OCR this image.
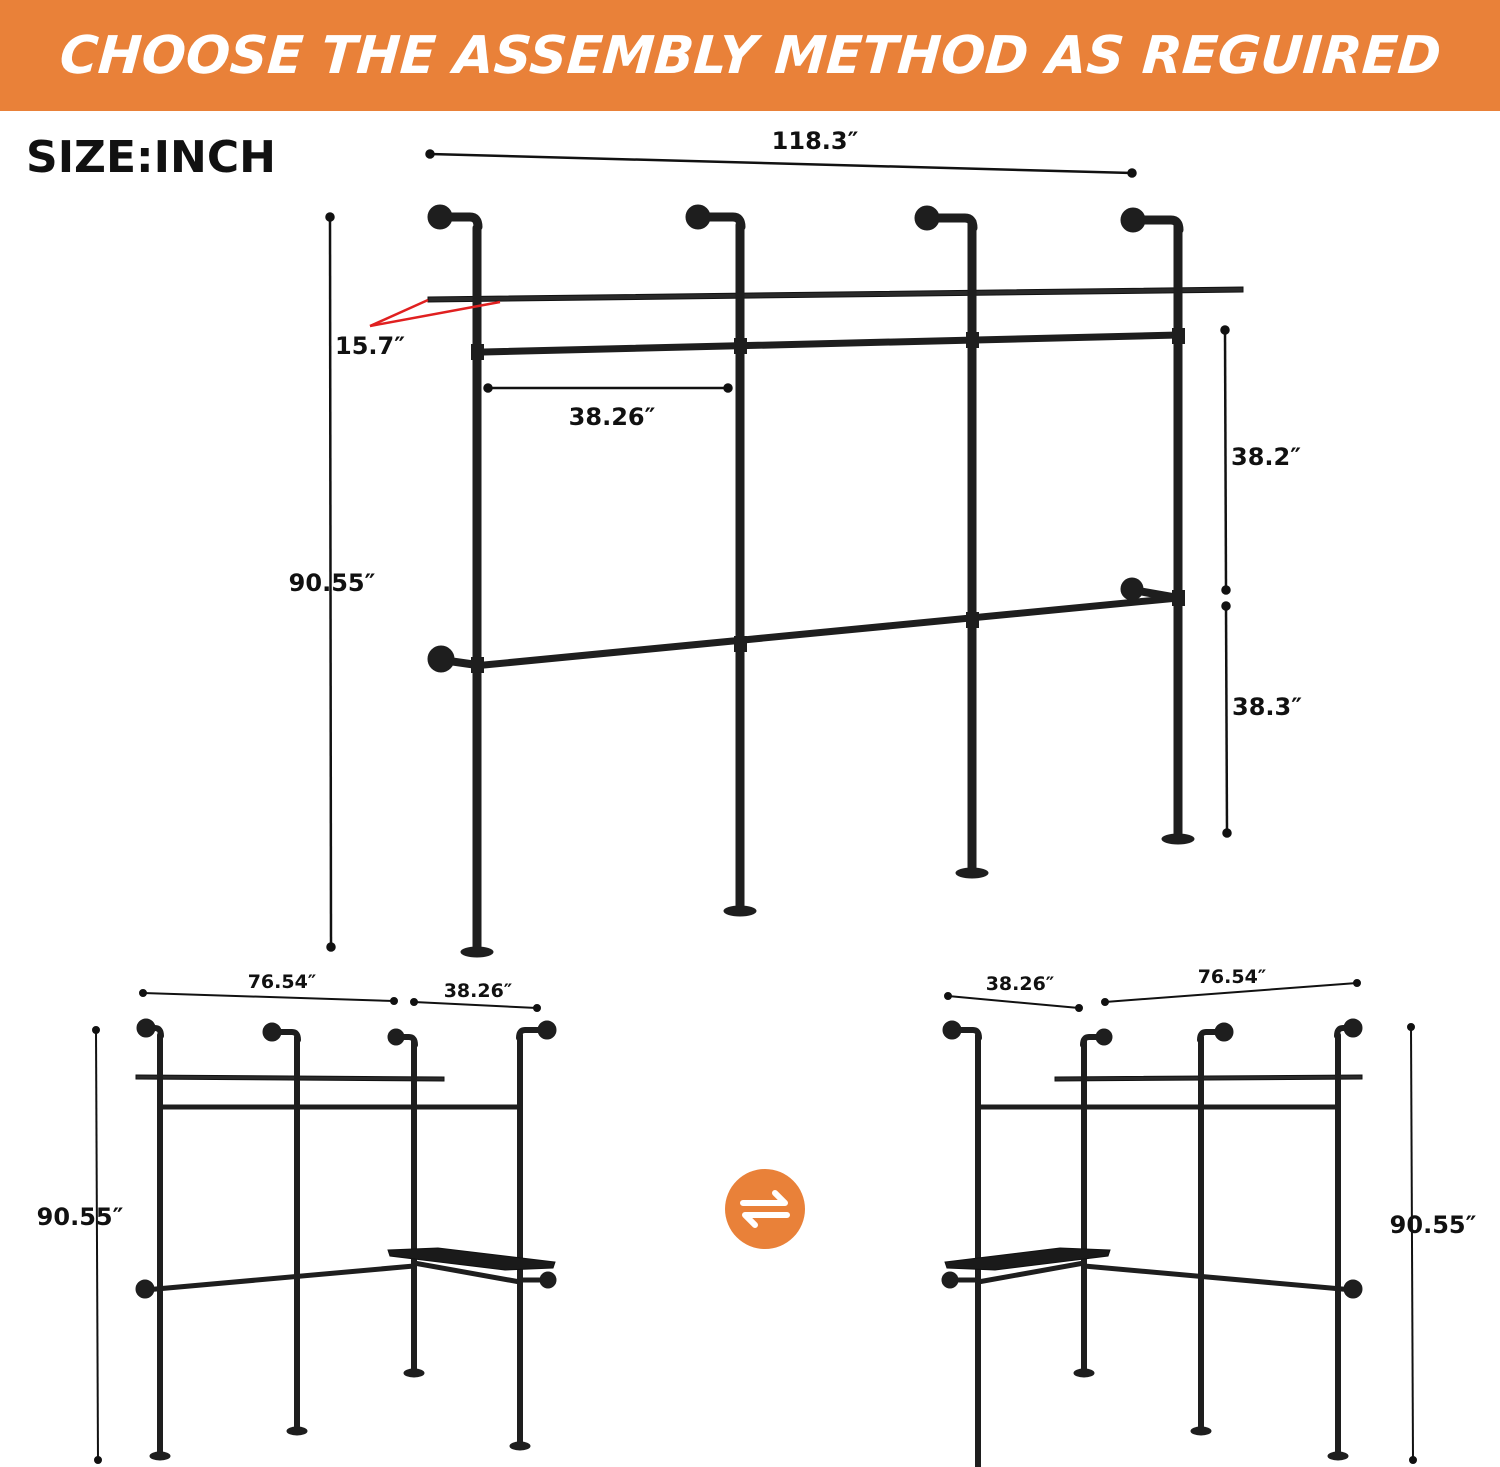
CHOOSE THE ASSEMBLY METHOD AS REGUIRED
SIZE:INCH	118.3″
15.7″
38.26″
90.55″
38.2″
38.3″
76.54″	38.26″
90.55″
38.26″	76.54″
90.55″
